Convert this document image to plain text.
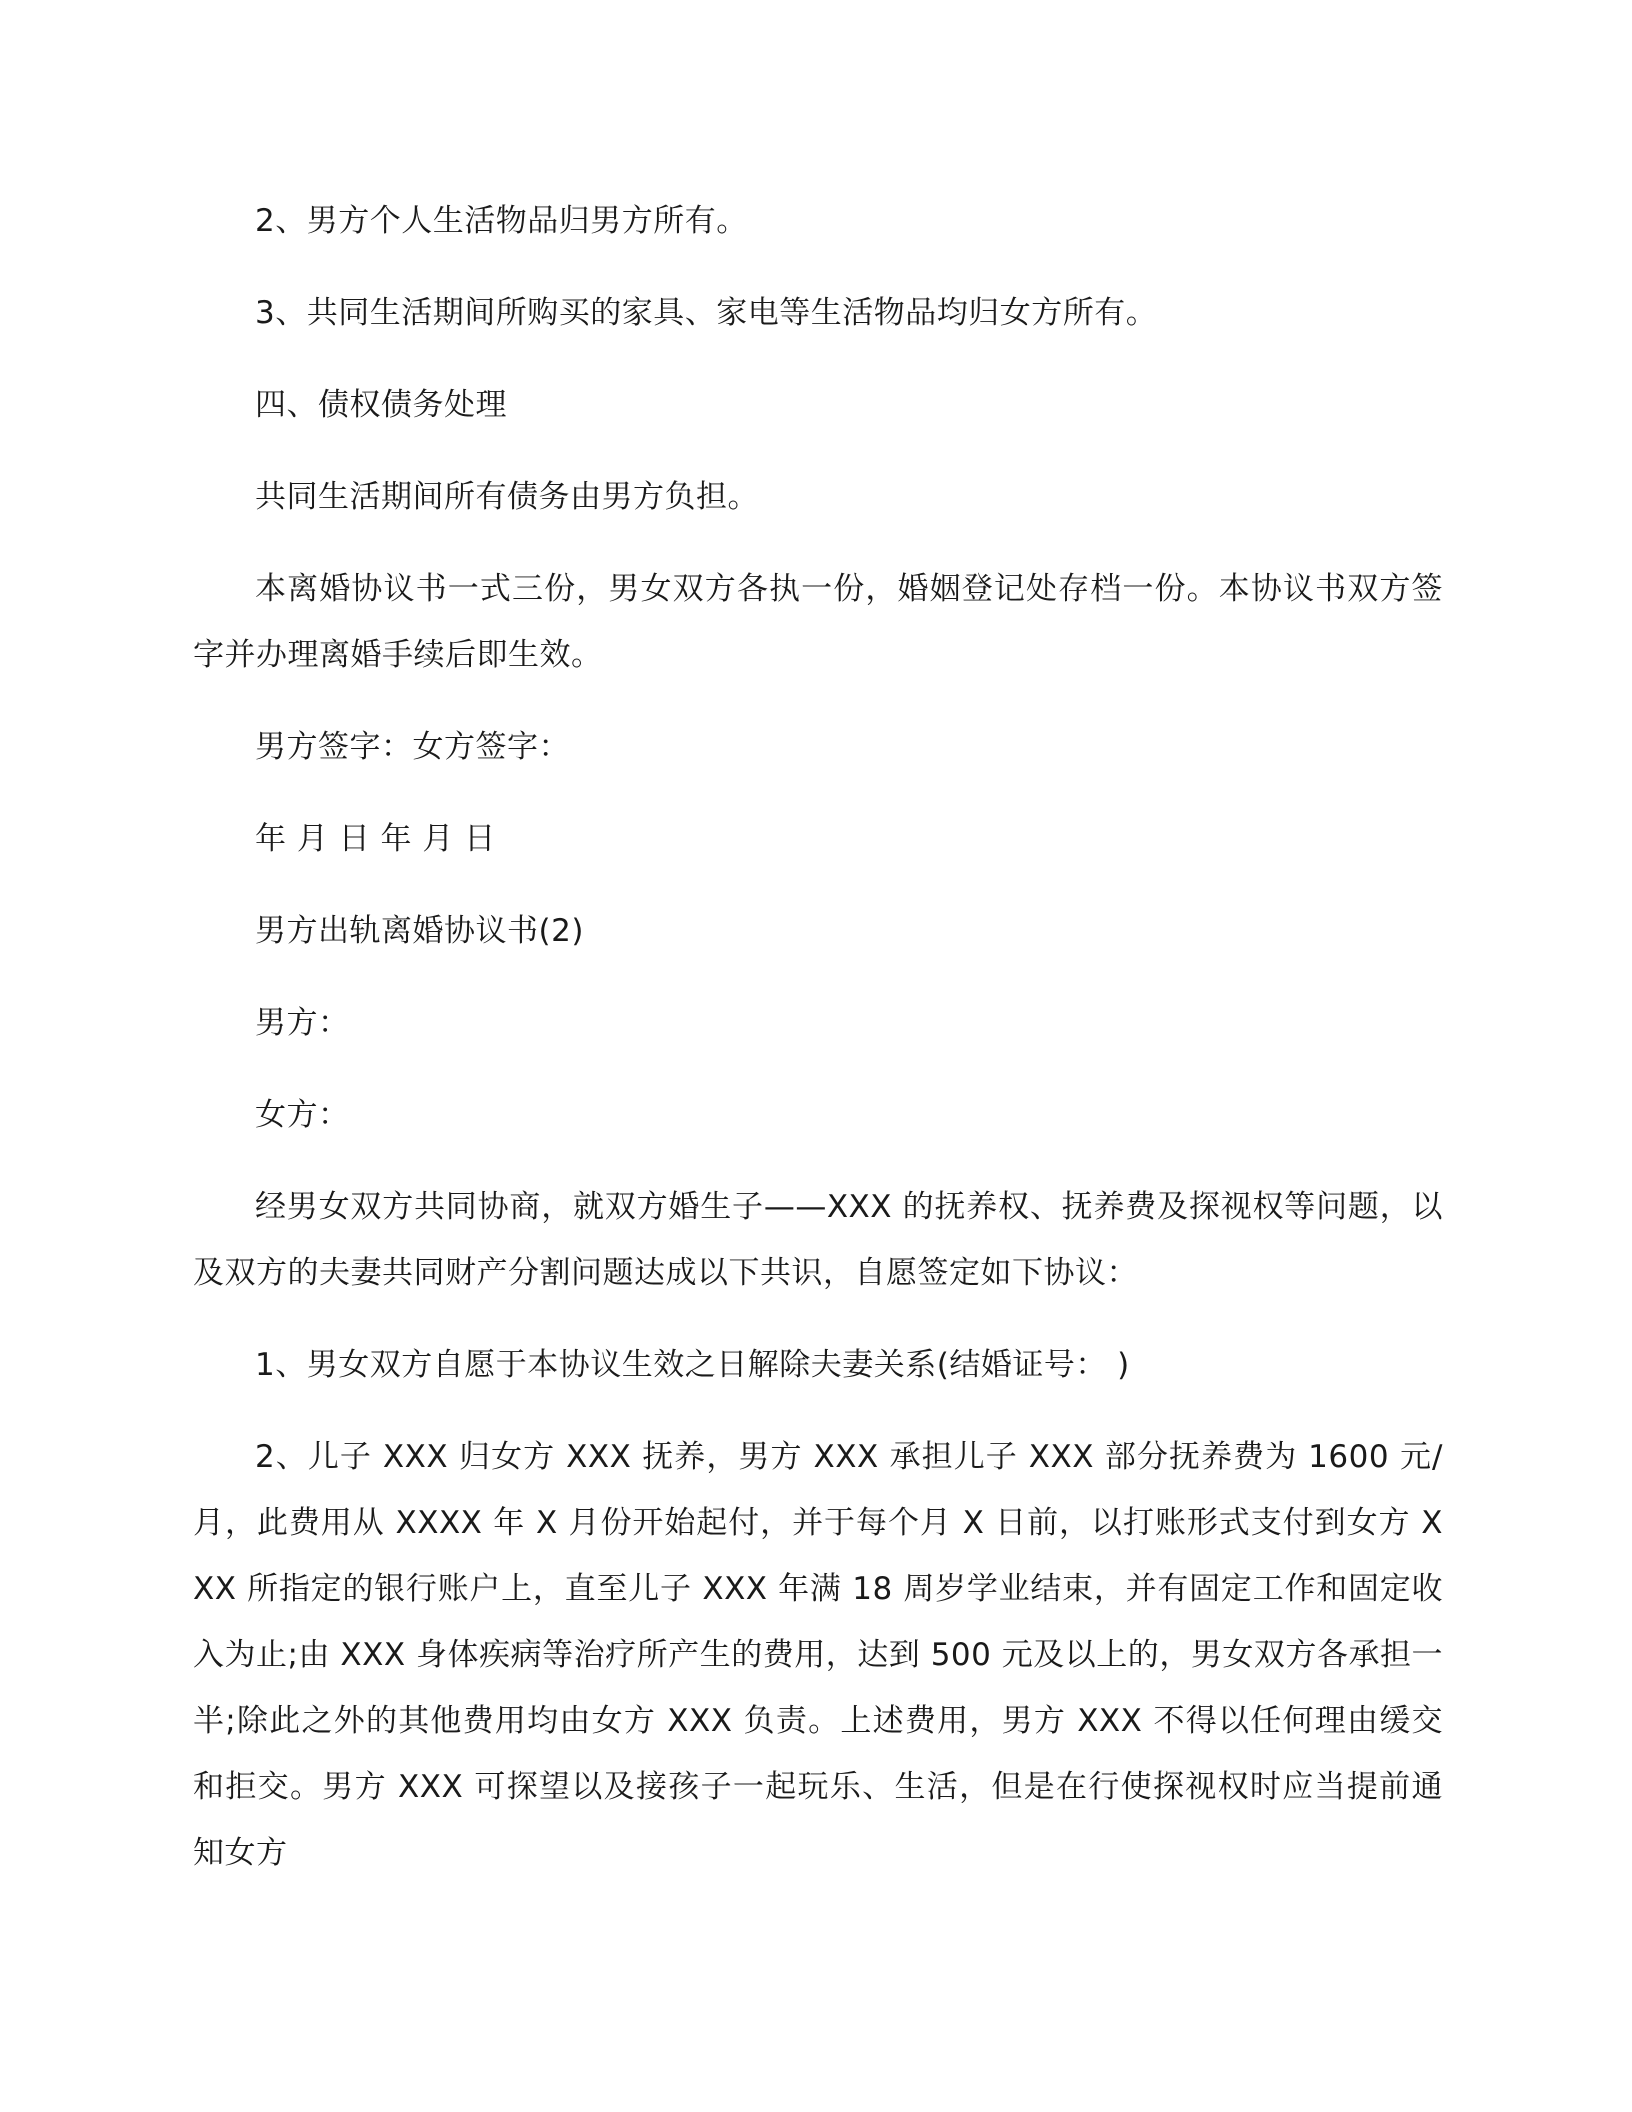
2、男方个人生活物品归男方所有。

3、共同生活期间所购买的家具、家电等生活物品均归女方所有。

四、债权债务处理

共同生活期间所有债务由男方负担。

本离婚协议书一式三份，男女双方各执一份，婚姻登记处存档一份。本协议书双方签字并办理离婚手续后即生效。

男方签字：女方签字：

年 月 日 年 月 日

男方出轨离婚协议书(2)

男方：

女方：

经男女双方共同协商，就双方婚生子——XXX 的抚养权、抚养费及探视权等问题，以及双方的夫妻共同财产分割问题达成以下共识，自愿签定如下协议：

1、男女双方自愿于本协议生效之日解除夫妻关系(结婚证号： )

2、儿子 XXX 归女方 XXX 抚养，男方 XXX 承担儿子 XXX 部分抚养费为 1600 元/月，此费用从 XXXX 年 X 月份开始起付，并于每个月 X 日前，以打账形式支付到女方 XXX 所指定的银行账户上，直至儿子 XXX 年满 18 周岁学业结束，并有固定工作和固定收入为止;由 XXX 身体疾病等治疗所产生的费用，达到 500 元及以上的，男女双方各承担一半;除此之外的其他费用均由女方 XXX 负责。上述费用，男方 XXX 不得以任何理由缓交和拒交。男方 XXX 可探望以及接孩子一起玩乐、生活，但是在行使探视权时应当提前通知女方
